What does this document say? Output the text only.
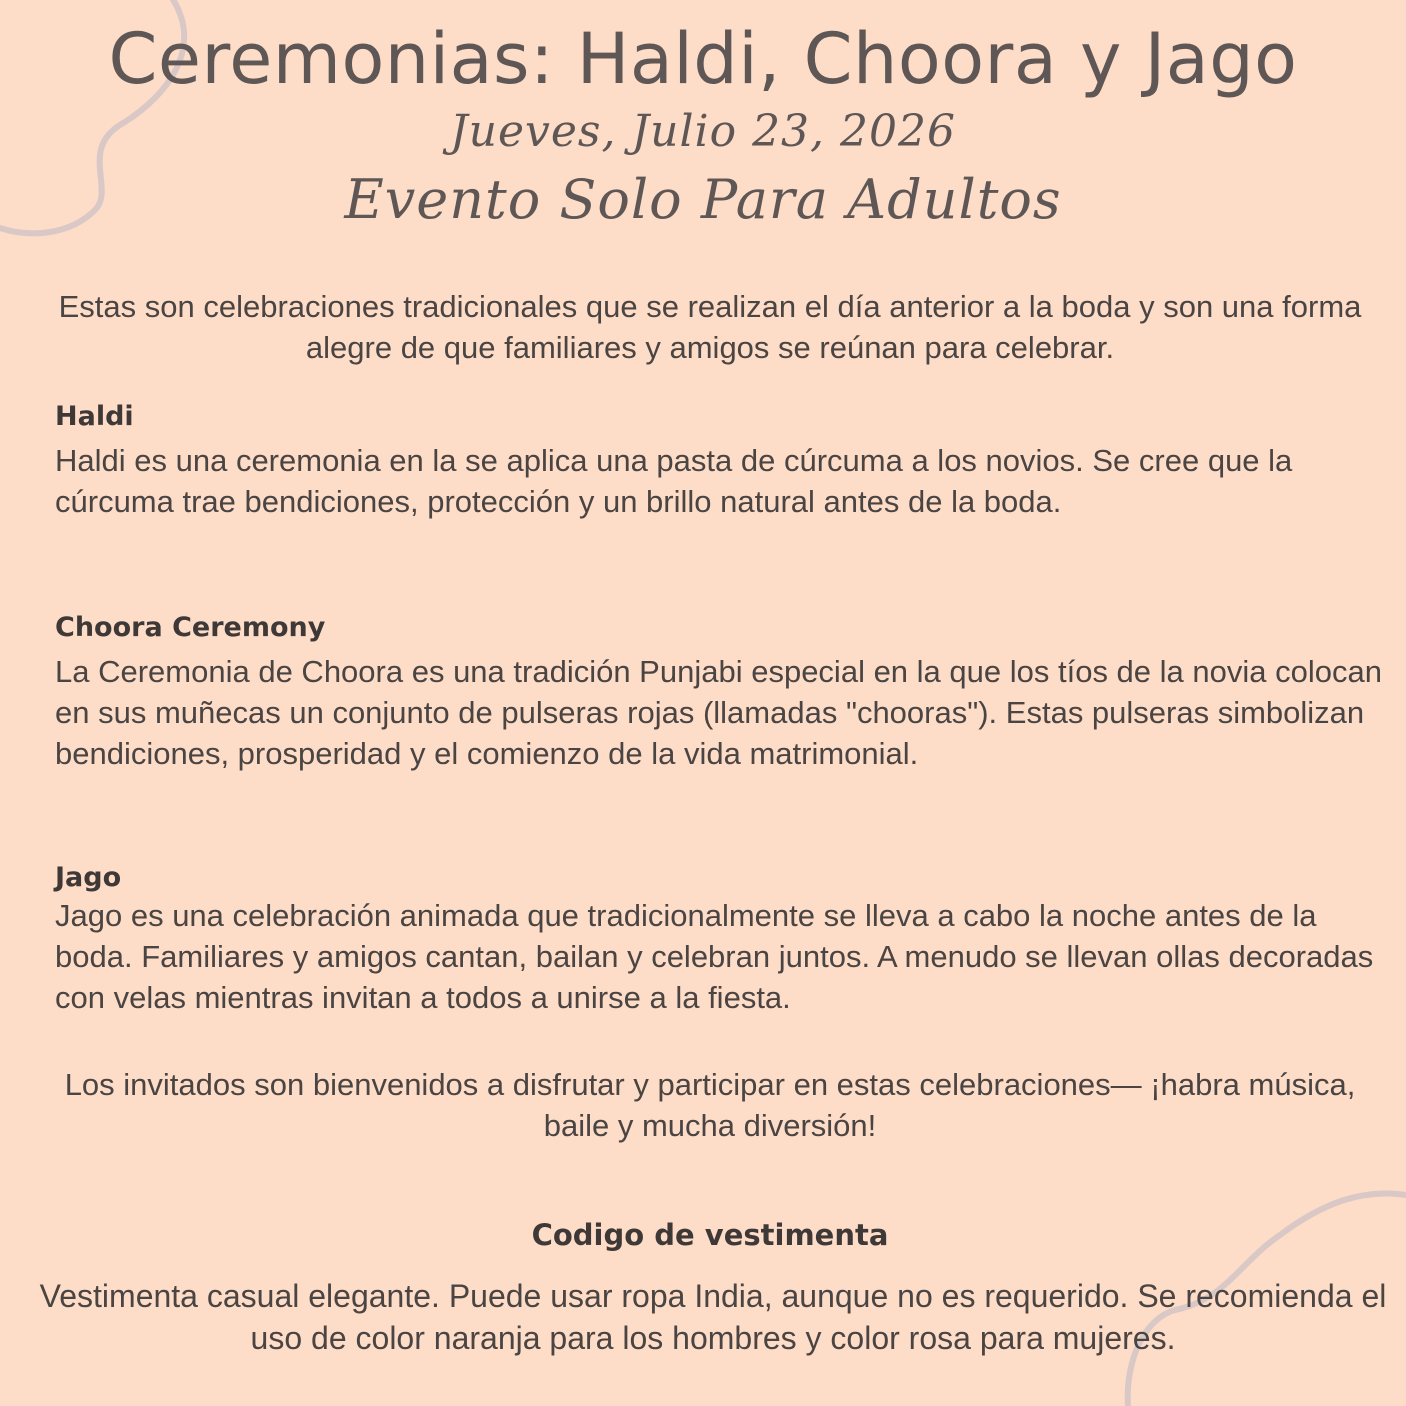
Ceremonias: Haldi, Choora y Jago
Jueves, Julio 23, 2026
Evento Solo Para Adultos

Estas son celebraciones tradicionales que se realizan el día anterior a la boda y son una forma alegre de que familiares y amigos se reúnan para celebrar.

Haldi

Haldi es una ceremonia en la se aplica una pasta de cúrcuma a los novios. Se cree que la cúrcuma trae bendiciones, protección y un brillo natural antes de la boda.

Choora Ceremony

La Ceremonia de Choora es una tradición Punjabi especial en la que los tíos de la novia colocan en sus muñecas un conjunto de pulseras rojas (llamadas "chooras"). Estas pulseras simbolizan bendiciones, prosperidad y el comienzo de la vida matrimonial.

Jago

Jago es una celebración animada que tradicionalmente se lleva a cabo la noche antes de la boda. Familiares y amigos cantan, bailan y celebran juntos. A menudo se llevan ollas decoradas con velas mientras invitan a todos a unirse a la fiesta.

Los invitados son bienvenidos a disfrutar y participar en estas celebraciones— ¡habra música, baile y mucha diversión!

Codigo de vestimenta

Vestimenta casual elegante. Puede usar ropa India, aunque no es requerido. Se recomienda el uso de color naranja para los hombres y color rosa para mujeres.
